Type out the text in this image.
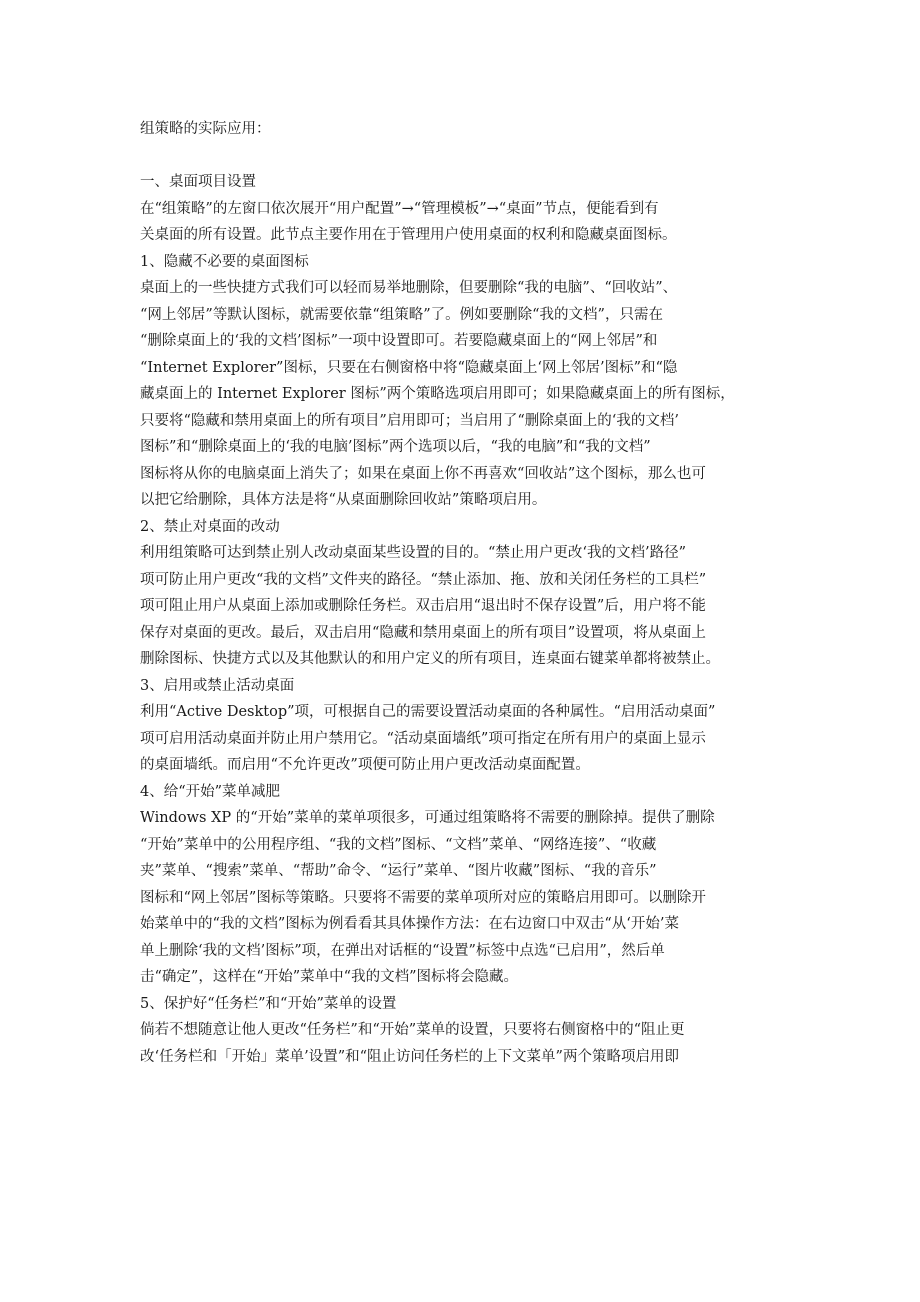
组策略的实际应用：
一、桌面项目设置
在“组策略”的左窗口依次展开“用户配置”→“管理模板”→“桌面”节点，便能看到有
关桌面的所有设置。此节点主要作用在于管理用户使用桌面的权利和隐藏桌面图标。
1、隐藏不必要的桌面图标
桌面上的一些快捷方式我们可以轻而易举地删除，但要删除“我的电脑”、“回收站”、
“网上邻居”等默认图标，就需要依靠“组策略”了。例如要删除“我的文档”，只需在
“删除桌面上的‘我的文档’图标”一项中设置即可。若要隐藏桌面上的“网上邻居”和
“Internet Explorer”图标，只要在右侧窗格中将“隐藏桌面上‘网上邻居’图标”和“隐
藏桌面上的 Internet Explorer 图标”两个策略选项启用即可；如果隐藏桌面上的所有图标，
只要将“隐藏和禁用桌面上的所有项目”启用即可；当启用了“删除桌面上的‘我的文档’
图标”和“删除桌面上的‘我的电脑’图标”两个选项以后，“我的电脑”和“我的文档”
图标将从你的电脑桌面上消失了；如果在桌面上你不再喜欢“回收站”这个图标，那么也可
以把它给删除，具体方法是将“从桌面删除回收站”策略项启用。
2、禁止对桌面的改动
利用组策略可达到禁止别人改动桌面某些设置的目的。“禁止用户更改‘我的文档’路径”
项可防止用户更改“我的文档”文件夹的路径。“禁止添加、拖、放和关闭任务栏的工具栏”
项可阻止用户从桌面上添加或删除任务栏。双击启用“退出时不保存设置”后，用户将不能
保存对桌面的更改。最后，双击启用“隐藏和禁用桌面上的所有项目”设置项，将从桌面上
删除图标、快捷方式以及其他默认的和用户定义的所有项目，连桌面右键菜单都将被禁止。
3、启用或禁止活动桌面
利用“Active Desktop”项，可根据自己的需要设置活动桌面的各种属性。“启用活动桌面”
项可启用活动桌面并防止用户禁用它。“活动桌面墙纸”项可指定在所有用户的桌面上显示
的桌面墙纸。而启用“不允许更改”项便可防止用户更改活动桌面配置。
4、给“开始”菜单减肥
Windows XP 的“开始”菜单的菜单项很多，可通过组策略将不需要的删除掉。提供了删除
“开始”菜单中的公用程序组、“我的文档”图标、“文档”菜单、“网络连接”、“收藏
夹”菜单、“搜索”菜单、“帮助”命令、“运行”菜单、“图片收藏”图标、“我的音乐”
图标和“网上邻居”图标等策略。只要将不需要的菜单项所对应的策略启用即可。以删除开
始菜单中的“我的文档”图标为例看看其具体操作方法：在右边窗口中双击“从‘开始’菜
单上删除‘我的文档’图标”项，在弹出对话框的“设置”标签中点选“已启用”，然后单
击“确定”，这样在“开始”菜单中“我的文档”图标将会隐藏。
5、保护好“任务栏”和“开始”菜单的设置
倘若不想随意让他人更改“任务栏”和“开始”菜单的设置，只要将右侧窗格中的“阻止更
改‘任务栏和「开始」菜单’设置”和“阻止访问任务栏的上下文菜单”两个策略项启用即
